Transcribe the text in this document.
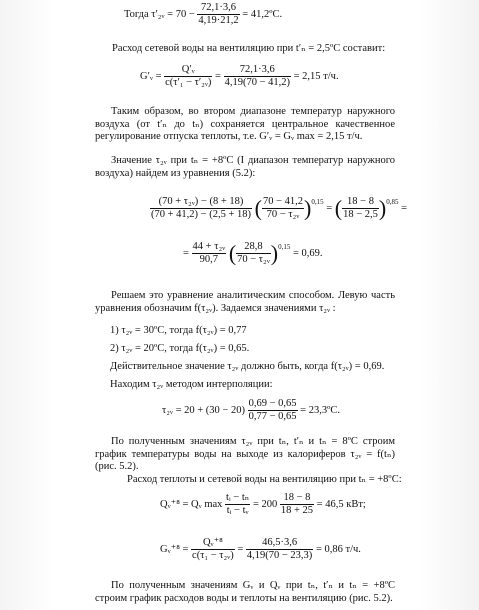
Тогда τ′₂ᵥ = $70 - \frac{72,1\cdot 3,6}{4,19\cdot 21,2}$ = 41,2ºC.
Расход сетевой воды на вентиляцию при t′ₙ = 2,5ºC составит:
G′ᵥ = $\frac{\text{Q′ᵥ}}{\text{c(τ′₁ − τ′₂ᵥ)}} = \frac{72,1\cdot 3,6}{4,19(70 - 41,2)} = 2,15$ т/ч.
Таким образом, во втором диапазоне температур наружного воздуха (от t′ₙ до tₙ) сохраняется центральное качественное регулирование отпуска теплоты, т.е. G′ᵥ = Gᵥ max = 2,15 т/ч.
Значение τ₂ᵥ при tₙ = +8ºC (I диапазон температур наружного воздуха) найдем из уравнения (5.2):
$\frac{\text{(70 + τ₂ᵥ) − (8 + 18)}}{(70 + 41,2) - (2,5 + 18)}$ ( $\frac{70 - 41,2}{\text{70 − τ₂ᵥ}} )^{0,15}$ = ( $\frac{18 - 8}{18 - 2,5} )^{0,85}$ =
= $\frac{\text{44 + τ₂ᵥ}}{90,7}$ ( $\frac{28,8}{\text{70 − τ₂ᵥ}} )^{0,15} = 0,69$.
Решаем это уравнение аналитическим способом. Левую часть уравнения обозначим f(τ₂ᵥ). Задаемся значениями τ₂ᵥ :
1) τ₂ᵥ = 30ºC, тогда f(τ₂ᵥ) = 0,77
2) τ₂ᵥ = 20ºC, тогда f(τ₂ᵥ) = 0,65.
Действительное значение τ₂ᵥ должно быть, когда f(τ₂ᵥ) = 0,69.
Находим τ₂ᵥ методом интерполяции:
τ₂ᵥ = $20 + (30 - 20) \frac{0,69 - 0,65}{0,77 - 0,65}$ = 23,3ºC.
По полученным значениям τ₂ᵥ при tₙ, t′ₙ и tₙ = 8ºC строим график температуры воды на выходе из калориферов τ₂ᵥ = f(tₙ) (рис. 5.2).
Расход теплоты и сетевой воды на вентиляцию при tₙ = +8ºC:
Qᵥ⁺⁸ = Qᵥ $\max \frac{\text{tᵢ − tₙ}}{\text{tᵢ − tᵥ}} = 200 \frac{18 - 8}{18 + 25} = 46,5$ кВт;
Gᵥ⁺⁸ = $\frac{\text{Qᵥ⁺⁸}}{\text{c(τ₁ − τ₂ᵥ)}} = \frac{46,5\cdot 3,6}{4,19(70 - 23,3)} = 0,86$ т/ч.
По полученным значениям Gᵥ и Qᵥ при tₙ, t′ₙ и tₙ = +8ºC строим график расходов воды и теплоты на вентиляцию (рис. 5.2).
